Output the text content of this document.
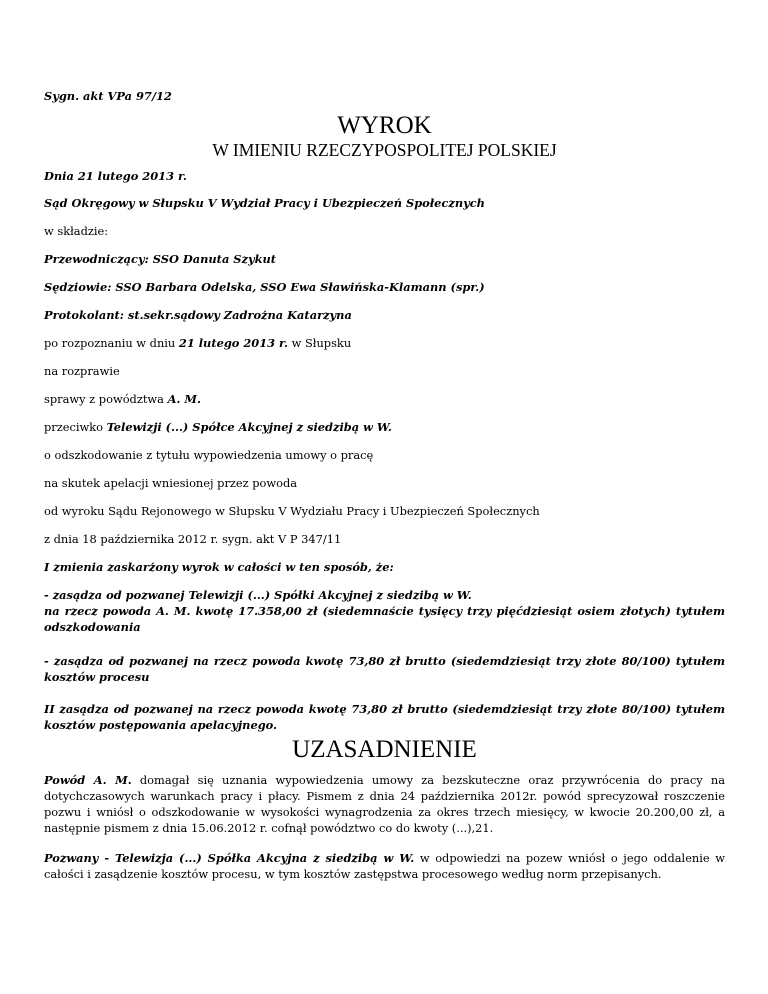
Sygn. akt VPa 97/12

WYROK

W IMIENIU RZECZYPOSPOLITEJ POLSKIEJ

Dnia 21 lutego 2013 r.

Sąd Okręgowy w Słupsku V Wydział Pracy i Ubezpieczeń Społecznych

w składzie:

Przewodniczący: SSO Danuta Szykut

Sędziowie: SSO Barbara Odelska, SSO Ewa Sławińska-Klamann (spr.)

Protokolant: st.sekr.sądowy Zadrożna Katarzyna

po rozpoznaniu w dniu 21 lutego 2013 r. w Słupsku

na rozprawie

sprawy z powództwa A. M.

przeciwko Telewizji (...) Spółce Akcyjnej z siedzibą w W.

o odszkodowanie z tytułu wypowiedzenia umowy o pracę

na skutek apelacji wniesionej przez powoda

od wyroku Sądu Rejonowego w Słupsku V Wydziału Pracy i Ubezpieczeń Społecznych

z dnia 18 października 2012 r. sygn. akt V P 347/11

I zmienia zaskarżony wyrok w całości w ten sposób, że:

- zasądza od pozwanej Telewizji (...) Spółki Akcyjnej z siedzibą w W.
na rzecz powoda A. M. kwotę 17.358,00 zł (siedemnaście tysięcy trzy pięćdziesiąt osiem złotych) tytułem odszkodowania

- zasądza od pozwanej na rzecz powoda kwotę 73,80 zł brutto (siedemdziesiąt trzy złote 80/100) tytułem kosztów procesu

II zasądza od pozwanej na rzecz powoda kwotę 73,80 zł brutto (siedemdziesiąt trzy złote 80/100) tytułem kosztów postępowania apelacyjnego.

UZASADNIENIE

Powód A. M. domagał się uznania wypowiedzenia umowy za bezskuteczne oraz przywrócenia do pracy na dotychczasowych warunkach pracy i płacy. Pismem z dnia 24 października 2012r. powód sprecyzował roszczenie pozwu i wniósł o odszkodowanie w wysokości wynagrodzenia za okres trzech miesięcy, w kwocie 20.200,00 zł, a następnie pismem z dnia 15.06.2012 r. cofnął powództwo co do kwoty (...),21.

Pozwany - Telewizja (...) Spółka Akcyjna z siedzibą w W. w odpowiedzi na pozew wniósł o jego oddalenie w całości i zasądzenie kosztów procesu, w tym kosztów zastępstwa procesowego według norm przepisanych.
